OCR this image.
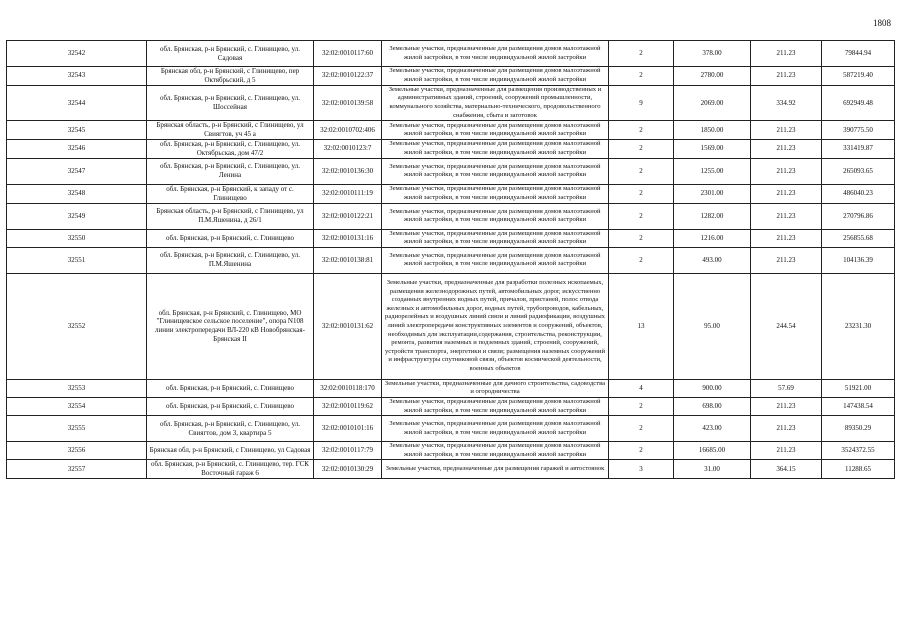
1808
32542	обл. Брянская, р-н Брянский, с. Глинищево, ул. Садовая	32:02:0010117:60	Земельные участки, предназначенные для размещения домов малоэтажной жилой застройки, в том числе индивидуальной жилой застройки	2	378.00	211.23	79844.94
32543	Брянская обл, р-н Брянский, с Глинищево, пер Октябрьский, д 5	32:02:0010122:37	Земельные участки, предназначенные для размещения домов малоэтажной жилой застройки, в том числе индивидуальной жилой застройки	2	2780.00	211.23	587219.40
32544	обл. Брянская, р-н Брянский, с. Глинищево, ул. Шоссейная	32:02:0010139:58	Земельные участки, предназначенные для размещения производственных и административных зданий, строений, сооружений промышленности, коммунального хозяйства, материально-технического, продовольственного снабжения, сбыта и заготовок	9	2069.00	334.92	692949.48
32545	Брянская область, р-н Брянский, с Глинищево, ул Свиягтов, уч 45 а	32:02:0010702:406	Земельные участки, предназначенные для размещения домов малоэтажной жилой застройки, в том числе индивидуальной жилой застройки	2	1850.00	211.23	390775.50
32546	обл. Брянская, р-н Брянский, с. Глинищево, ул. Октябрьская, дом 47/2	32:02:0010123:7	Земельные участки, предназначенные для размещения домов малоэтажной жилой застройки, в том числе индивидуальной жилой застройки	2	1569.00	211.23	331419.87
32547	обл. Брянская, р-н Брянский, с. Глинищево, ул. Ленина	32:02:0010136:30	Земельные участки, предназначенные для размещения домов малоэтажной жилой застройки, в том числе индивидуальной жилой застройки	2	1255.00	211.23	265093.65
32548	обл. Брянская, р-н Брянский, к западу от с. Глинищево	32:02:0010111:19	Земельные участки, предназначенные для размещения домов малоэтажной жилой застройки, в том числе индивидуальной жилой застройки	2	2301.00	211.23	486040.23
32549	Брянская область, р-н Брянский, с Глинищево, ул П.М.Яшенина, д 26/1	32:02:0010122:21	Земельные участки, предназначенные для размещения домов малоэтажной жилой застройки, в том числе индивидуальной жилой застройки	2	1282.00	211.23	270796.86
32550	обл. Брянская, р-н Брянский, с. Глинищево	32:02:0010131:16	Земельные участки, предназначенные для размещения домов малоэтажной жилой застройки, в том числе индивидуальной жилой застройки	2	1216.00	211.23	256855.68
32551	обл. Брянская, р-н Брянский, с. Глинищево, ул. П.М.Яшенина	32:02:0010138:81	Земельные участки, предназначенные для размещения домов малоэтажной жилой застройки, в том числе индивидуальной жилой застройки	2	493.00	211.23	104136.39
32552	обл. Брянская, р-н Брянский, с. Глинищево, МО "Глинищевское сельское поселение", опора N108 линии электропередачи ВЛ-220 кВ Новобрянская-Брянская II	32:02:0010131:62	Земельные участки, предназначенные для разработки полезных ископаемых, размещения железнодорожных путей, автомобильных дорог, искусственно созданных внутренних водных путей, причалов, пристаней, полос отвода железных и автомобильных дорог, водных путей, трубопроводов, кабельных, радиорелейных и воздушных линий связи и линий радиофикации, воздушных линий электропередачи конструктивных элементов и сооружений, объектов, необходимых для эксплуатации,содержания, строительства, реконструкции, ремонта, развития наземных и подземных зданий, строений, сооружений, устройств транспорта, энергетики и связи; размещения наземных сооружений и инфраструктуры спутниковой связи, объектов космической деятельности, военных объектов	13	95.00	244.54	23231.30
32553	обл. Брянская, р-н Брянский, с. Глинищево	32:02:0010118:170	Земельные участки, предназначенные для дачного строительства, садоводства и огородничества	4	900.00	57.69	51921.00
32554	обл. Брянская, р-н Брянский, с. Глинищево	32:02:0010119:62	Земельные участки, предназначенные для размещения домов малоэтажной жилой застройки, в том числе индивидуальной жилой застройки	2	698.00	211.23	147438.54
32555	обл. Брянская, р-н Брянский, с. Глинищево, ул. Свиягтов, дом 3, квартира 5	32:02:0010101:16	Земельные участки, предназначенные для размещения домов малоэтажной жилой застройки, в том числе индивидуальной жилой застройки	2	423.00	211.23	89350.29
32556	Брянская обл, р-н Брянский, с Глинищево, ул Садовая	32:02:0010117:79	Земельные участки, предназначенные для размещения домов малоэтажной жилой застройки, в том числе индивидуальной жилой застройки	2	16685.00	211.23	3524372.55
32557	обл. Брянская, р-н Брянский, с. Глинищево, тер. ГСК Восточный гараж 6	32:02:0010130:29	Земельные участки, предназначенные для размещения гаражей и автостоянок	3	31.00	364.15	11288.65
